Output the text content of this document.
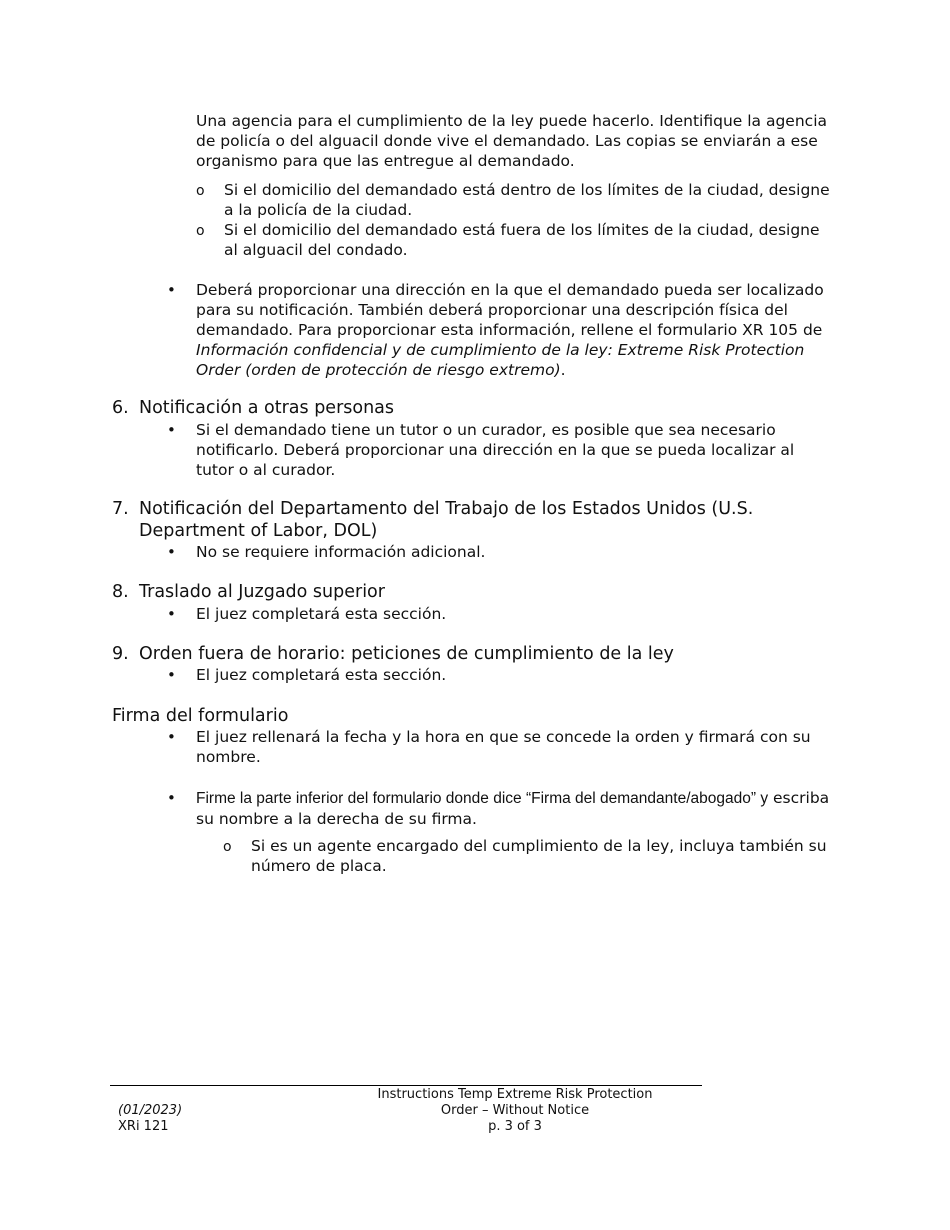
Una agencia para el cumplimiento de la ley puede hacerlo. Identifique la agencia de policía o del alguacil donde vive el demandado. Las copias se enviarán a ese organismo para que las entregue al demandado.

o Si el domicilio del demandado está dentro de los límites de la ciudad, designe a la policía de la ciudad.
o Si el domicilio del demandado está fuera de los límites de la ciudad, designe al alguacil del condado.
• Deberá proporcionar una dirección en la que el demandado pueda ser localizado para su notificación. También deberá proporcionar una descripción física del demandado. Para proporcionar esta información, rellene el formulario XR 105 de Información confidencial y de cumplimiento de la ley: Extreme Risk Protection Order (orden de protección de riesgo extremo).
6. Notificación a otras personas
• Si el demandado tiene un tutor o un curador, es posible que sea necesario notificarlo. Deberá proporcionar una dirección en la que se pueda localizar al tutor o al curador.
7. Notificación del Departamento del Trabajo de los Estados Unidos (U.S. Department of Labor, DOL)
• No se requiere información adicional.
8. Traslado al Juzgado superior
• El juez completará esta sección.
9. Orden fuera de horario: peticiones de cumplimiento de la ley
• El juez completará esta sección.
Firma del formulario
• El juez rellenará la fecha y la hora en que se concede la orden y firmará con su nombre.
• Firme la parte inferior del formulario donde dice “Firma del demandante/abogado” y escriba su nombre a la derecha de su firma.
o Si es un agente encargado del cumplimiento de la ley, incluya también su número de placa.
Instructions Temp Extreme Risk Protection
Order – Without Notice
p. 3 of 3
(01/2023)
XRi 121
